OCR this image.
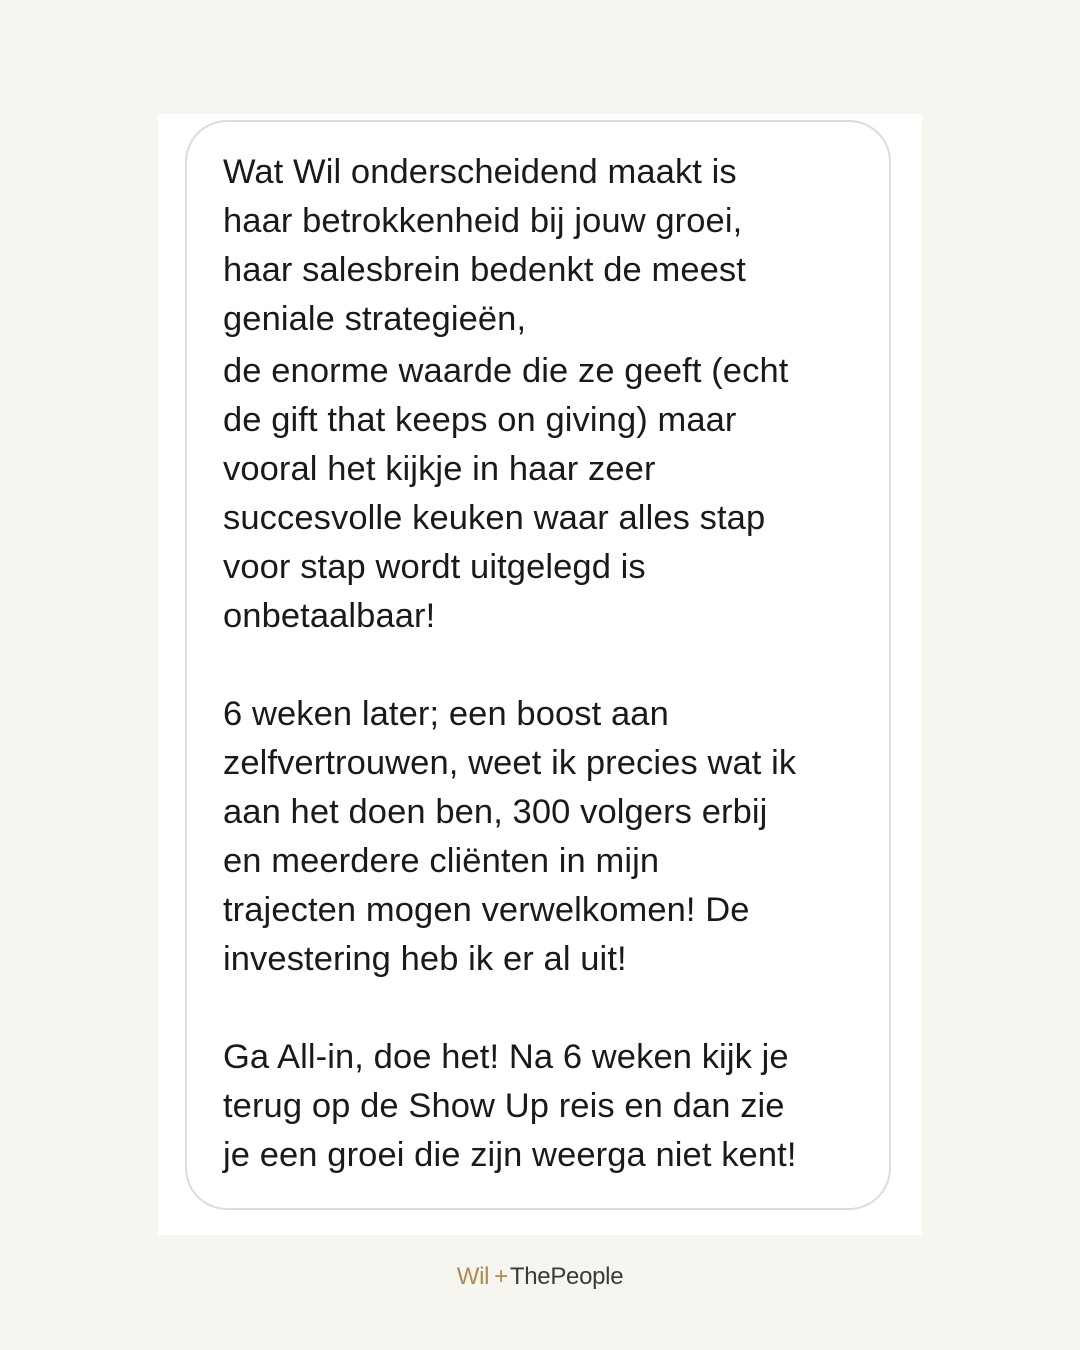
Wat Wil onderscheidend maakt is
haar betrokkenheid bij jouw groei,
haar salesbrein bedenkt de meest
geniale strategieën,

de enorme waarde die ze geeft (echt
de gift that keeps on giving) maar
vooral het kijkje in haar zeer
succesvolle keuken waar alles stap
voor stap wordt uitgelegd is
onbetaalbaar!

6 weken later; een boost aan
zelfvertrouwen, weet ik precies wat ik
aan het doen ben, 300 volgers erbij
en meerdere cliënten in mijn
trajecten mogen verwelkomen! De
investering heb ik er al uit!

Ga All-in, doe het! Na 6 weken kijk je
terug op de Show Up reis en dan zie
je een groei die zijn weerga niet kent!

Wil +ThePeople
